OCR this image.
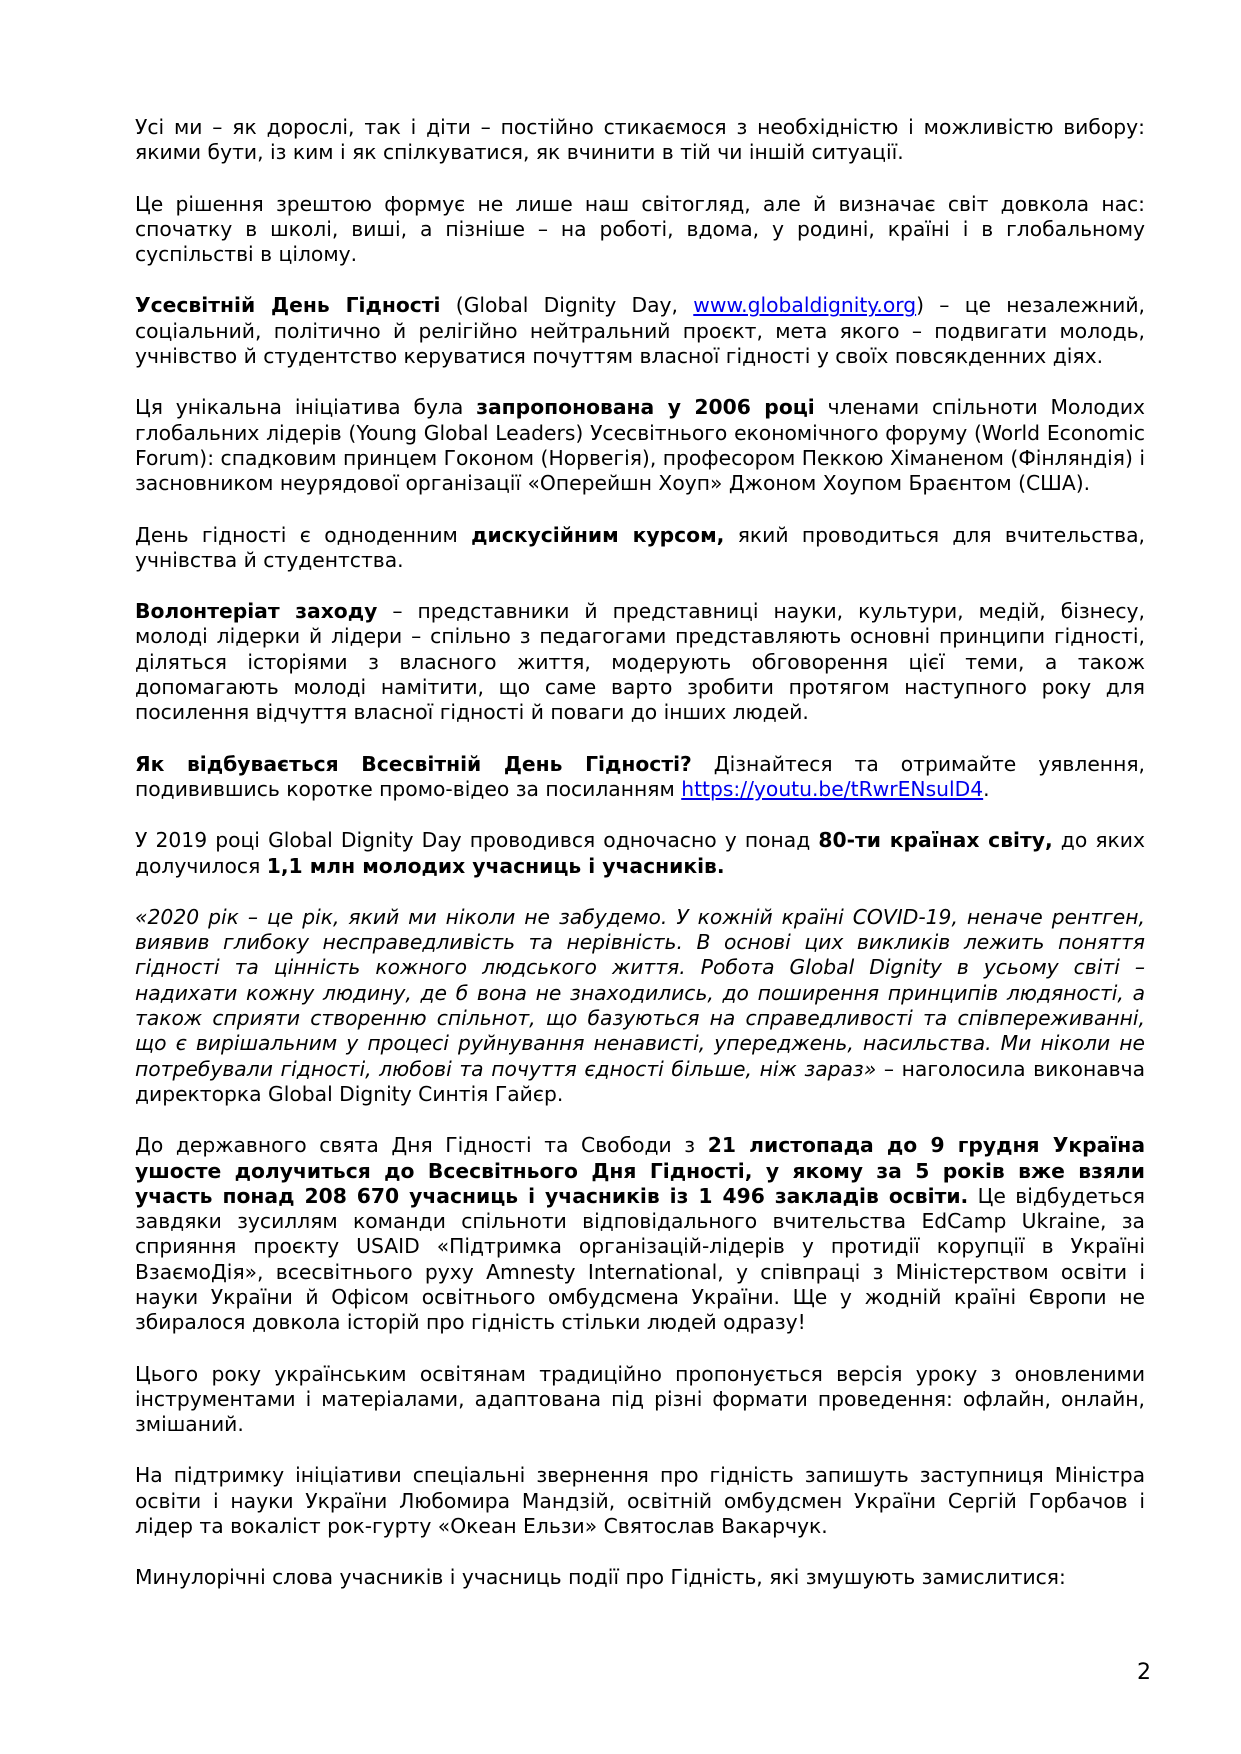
Усі ми – як дорослі, так і діти – постійно стикаємося з необхідністю і можливістю вибору: якими бути, із ким і як спілкуватися, як вчинити в тій чи іншій ситуації.

Це рішення зрештою формує не лише наш світогляд, але й визначає світ довкола нас: спочатку в школі, виші, а пізніше – на роботі, вдома, у родині, країні і в глобальному суспільстві в цілому.

Усесвітній День Гідності (Global Dignity Day, www.globaldignity.org) – це незалежний, соціальний, політично й релігійно нейтральний проєкт, мета якого – подвигати молодь, учнівство й студентство керуватися почуттям власної гідності у своїх повсякденних діях.

Ця унікальна ініціатива була запропонована у 2006 році членами спільноти Молодих глобальних лідерів (Young Global Leaders) Усесвітнього економічного форуму (World Economic Forum): спадковим принцем Гоконом (Норвегія), професором Пеккою Хіманеном (Фінляндія) і засновником неурядової організації «Оперейшн Хоуп» Джоном Хоупом Браєнтом (США).

День гідності є одноденним дискусійним курсом, який проводиться для вчительства, учнівства й студентства.

Волонтеріат заходу – представники й представниці науки, культури, медій, бізнесу, молоді лідерки й лідери – спільно з педагогами представляють основні принципи гідності, діляться історіями з власного життя, модерують обговорення цієї теми, а також допомагають молоді намітити, що саме варто зробити протягом наступного року для посилення відчуття власної гідності й поваги до інших людей.

Як відбувається Всесвітній День Гідності? Дізнайтеся та отримайте уявлення, подивившись коротке промо-відео за посиланням https://youtu.be/tRwrENsulD4.

У 2019 році Global Dignity Day проводився одночасно у понад 80-ти країнах світу, до яких долучилося 1,1 млн молодих учасниць і учасників.

«2020 рік – це рік, який ми ніколи не забудемо. У кожній країні COVID-19, неначе рентген, виявив глибоку несправедливість та нерівність. В основі цих викликів лежить поняття гідності та цінність кожного людського життя. Робота Global Dignity в усьому світі – надихати кожну людину, де б вона не знаходились, до поширення принципів людяності, а також сприяти створенню спільнот, що базуються на справедливості та співпереживанні, що є вирішальним у процесі руйнування ненависті, упереджень, насильства. Ми ніколи не потребували гідності, любові та почуття єдності більше, ніж зараз» – наголосила виконавча директорка Global Dignity Синтія Гайєр.

До державного свята Дня Гідності та Свободи з 21 листопада до 9 грудня Україна ушосте долучиться до Всесвітнього Дня Гідності, у якому за 5 років вже взяли участь понад 208 670 учасниць і учасників із 1 496 закладів освіти. Це відбудеться завдяки зусиллям команди спільноти відповідального вчительства EdCamp Ukraine, за сприяння проєкту USAID «Підтримка організацій-лідерів у протидії корупції в Україні ВзаємоДія», всесвітнього руху Amnesty International, у співпраці з Міністерством освіти і науки України й Офісом освітнього омбудсмена України. Ще у жодній країні Європи не збиралося довкола історій про гідність стільки людей одразу!

Цього року українським освітянам традиційно пропонується версія уроку з оновленими інструментами і матеріалами, адаптована під різні формати проведення: офлайн, онлайн, змішаний.

На підтримку ініціативи спеціальні звернення про гідність запишуть заступниця Міністра освіти і науки України Любомира Мандзій, освітній омбудсмен України Сергій Горбачов і лідер та вокаліст рок-гурту «Океан Ельзи» Святослав Вакарчук.

Минулорічні слова учасників і учасниць події про Гідність, які змушують замислитися:

2
